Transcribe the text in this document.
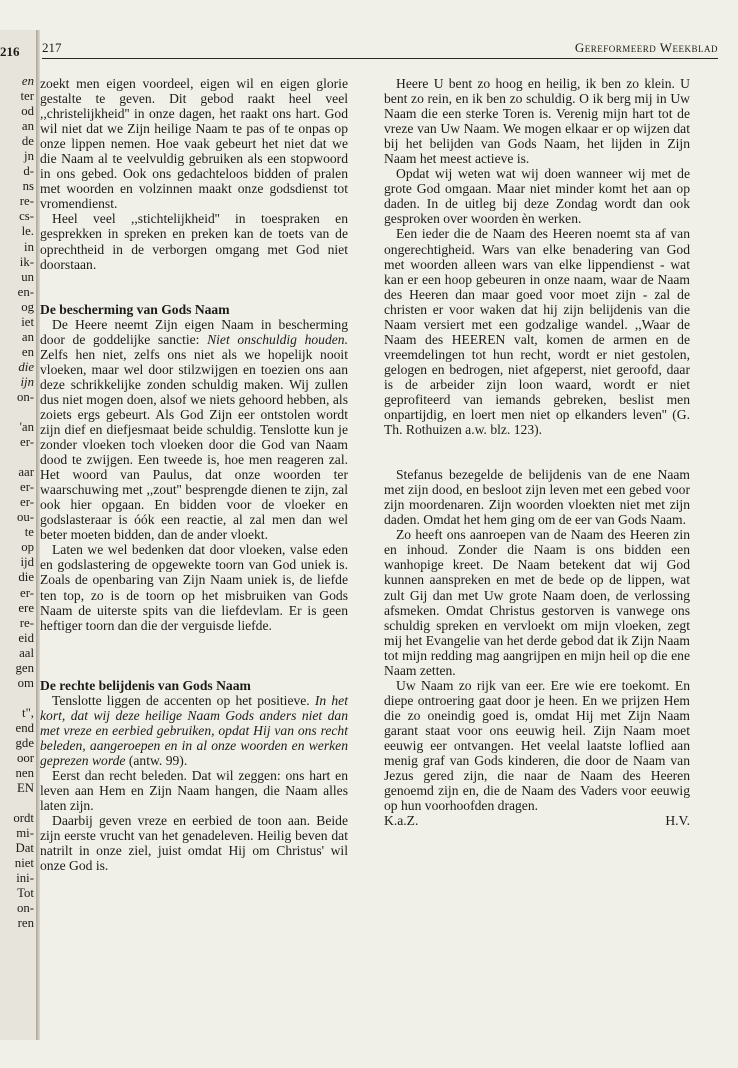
216
en
ter
od
an
de
jn
d-
ns
re-
cs-
le.
in
ik-
un
en-
og
iet
an
en
die
ijn
on-
'an
er-
aar
er-
er-
ou-
te
op
ijd
die
er-
ere
re-
eid
aal
gen
om
t",
end
gde
oor
nen
EN
ordt
mi-
Dat
niet
ini-
Tot
on-
ren
217	Gereformeerd Weekblad

zoekt men eigen voordeel, eigen wil en eigen glorie gestalte te geven. Dit gebod raakt heel veel ,,christelijkheid'' in onze dagen, het raakt ons hart. God wil niet dat we Zijn heilige Naam te pas of te onpas op onze lippen nemen. Hoe vaak gebeurt het niet dat we die Naam al te veelvuldig gebruiken als een stopwoord in ons gebed. Ook ons gedachteloos bidden of pralen met woorden en volzinnen maakt onze godsdienst tot vromendienst.

Heel veel ,,stichtelijkheid'' in toespraken en gesprekken in spreken en preken kan de toets van de oprechtheid in de verborgen omgang met God niet doorstaan.

De bescherming van Gods Naam

De Heere neemt Zijn eigen Naam in bescherming door de goddelijke sanctie: Niet onschuldig houden. Zelfs hen niet, zelfs ons niet als we hopelijk nooit vloeken, maar wel door stilzwijgen en toezien ons aan deze schrikkelijke zonden schuldig maken. Wij zullen dus niet mogen doen, alsof we niets gehoord hebben, als zoiets ergs gebeurt. Als God Zijn eer ontstolen wordt zijn dief en diefjesmaat beide schuldig. Tenslotte kun je zonder vloeken toch vloeken door die God van Naam dood te zwijgen. Een tweede is, hoe men reageren zal. Het woord van Paulus, dat onze woorden ter waarschuwing met ,,zout'' besprengde dienen te zijn, zal ook hier opgaan. En bidden voor de vloeker en godslasteraar is óók een reactie, al zal men dan wel beter moeten bidden, dan de ander vloekt.

Laten we wel bedenken dat door vloeken, valse eden en godslastering de opgewekte toorn van God uniek is. Zoals de openbaring van Zijn Naam uniek is, de liefde ten top, zo is de toorn op het misbruiken van Gods Naam de uiterste spits van die liefdevlam. Er is geen heftiger toorn dan die der verguisde liefde.

De rechte belijdenis van Gods Naam

Tenslotte liggen de accenten op het positieve. In het kort, dat wij deze heilige Naam Gods anders niet dan met vreze en eerbied gebruiken, opdat Hij van ons recht beleden, aangeroepen en in al onze woorden en werken geprezen worde (antw. 99).

Eerst dan recht beleden. Dat wil zeggen: ons hart en leven aan Hem en Zijn Naam hangen, die Naam alles laten zijn.

Daarbij geven vreze en eerbied de toon aan. Beide zijn eerste vrucht van het genadeleven. Heilig beven dat natrilt in onze ziel, juist omdat Hij om Christus' wil onze God is.

Heere U bent zo hoog en heilig, ik ben zo klein. U bent zo rein, en ik ben zo schuldig. O ik berg mij in Uw Naam die een sterke Toren is. Verenig mijn hart tot de vreze van Uw Naam. We mogen elkaar er op wijzen dat bij het belijden van Gods Naam, het lijden in Zijn Naam het meest actieve is.

Opdat wij weten wat wij doen wanneer wij met de grote God omgaan. Maar niet minder komt het aan op daden. In de uitleg bij deze Zondag wordt dan ook gesproken over woorden èn werken.

Een ieder die de Naam des Heeren noemt sta af van ongerechtigheid. Wars van elke benadering van God met woorden alleen wars van elke lippendienst - wat kan er een hoop gebeuren in onze naam, waar de Naam des Heeren dan maar goed voor moet zijn - zal de christen er voor waken dat hij zijn belijdenis van die Naam versiert met een godzalige wandel. ,,Waar de Naam des HEEREN valt, komen de armen en de vreemdelingen tot hun recht, wordt er niet gestolen, gelogen en bedrogen, niet afgeperst, niet geroofd, daar is de arbeider zijn loon waard, wordt er niet geprofiteerd van iemands gebreken, beslist men onpartijdig, en loert men niet op elkanders leven'' (G. Th. Rothuizen a.w. blz. 123).

Stefanus bezegelde de belijdenis van de ene Naam met zijn dood, en besloot zijn leven met een gebed voor zijn moordenaren. Zijn woorden vloekten niet met zijn daden. Omdat het hem ging om de eer van Gods Naam.

Zo heeft ons aanroepen van de Naam des Heeren zin en inhoud. Zonder die Naam is ons bidden een wanhopige kreet. De Naam betekent dat wij God kunnen aanspreken en met de bede op de lippen, wat zult Gij dan met Uw grote Naam doen, de verlossing afsmeken. Omdat Christus gestorven is vanwege ons schuldig spreken en vervloekt om mijn vloeken, zegt mij het Evangelie van het derde gebod dat ik Zijn Naam tot mijn redding mag aangrijpen en mijn heil op die ene Naam zetten.

Uw Naam zo rijk van eer. Ere wie ere toekomt. En diepe ontroering gaat door je heen. En we prijzen Hem die zo oneindig goed is, omdat Hij met Zijn Naam garant staat voor ons eeuwig heil. Zijn Naam moet eeuwig eer ontvangen. Het veelal laatste loflied aan menig graf van Gods kinderen, die door de Naam van Jezus gered zijn, die naar de Naam des Heeren genoemd zijn en, die de Naam des Vaders voor eeuwig op hun voorhoofden dragen.

K.a.Z.	H.V.
